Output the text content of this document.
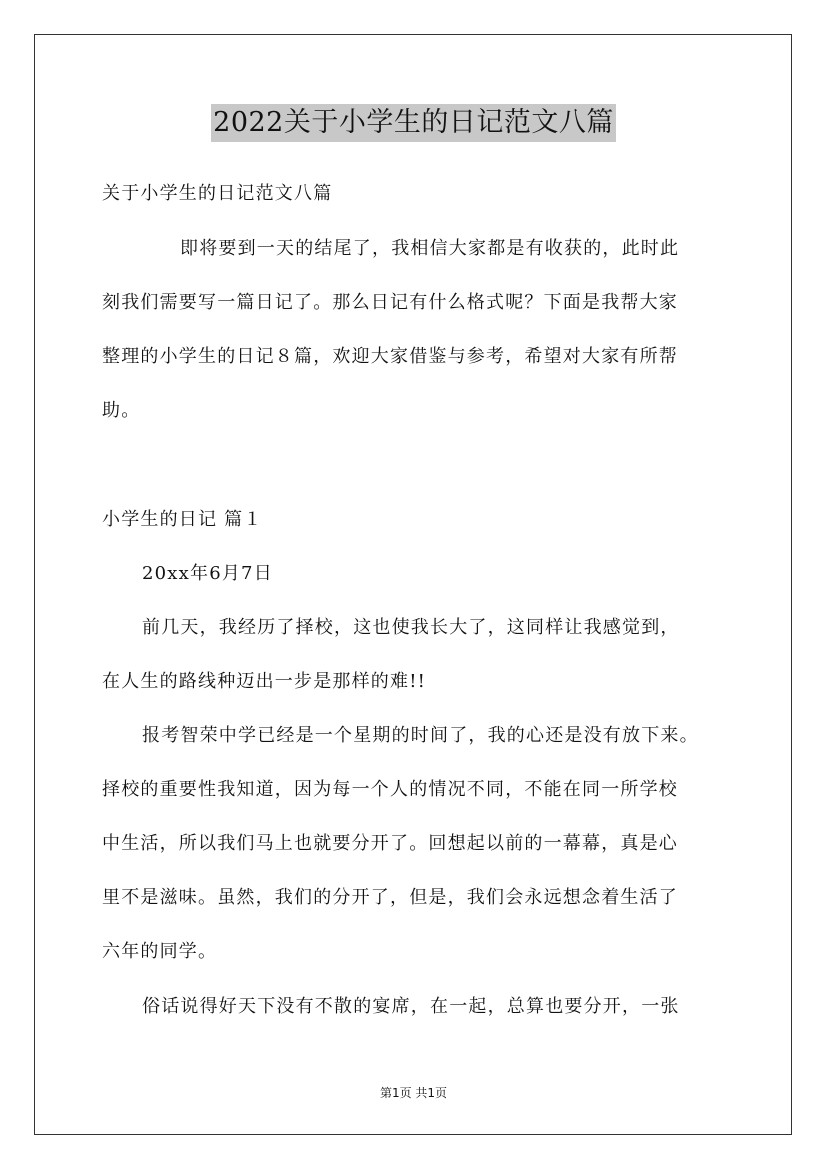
2022关于小学生的日记范文八篇
关于小学生的日记范文八篇
即将要到一天的结尾了，我相信大家都是有收获的，此时此
刻我们需要写一篇日记了。那么日记有什么格式呢？下面是我帮大家
整理的小学生的日记８篇，欢迎大家借鉴与参考，希望对大家有所帮
助。
小学生的日记 篇１
20xx年6月7日
前几天，我经历了择校，这也使我长大了，这同样让我感觉到，
在人生的路线种迈出一步是那样的难!!
报考智荣中学已经是一个星期的时间了，我的心还是没有放下来。
择校的重要性我知道，因为每一个人的情况不同，不能在同一所学校
中生活，所以我们马上也就要分开了。回想起以前的一幕幕，真是心
里不是滋味。虽然，我们的分开了，但是，我们会永远想念着生活了
六年的同学。
俗话说得好天下没有不散的宴席，在一起，总算也要分开，一张
第1页 共1页
